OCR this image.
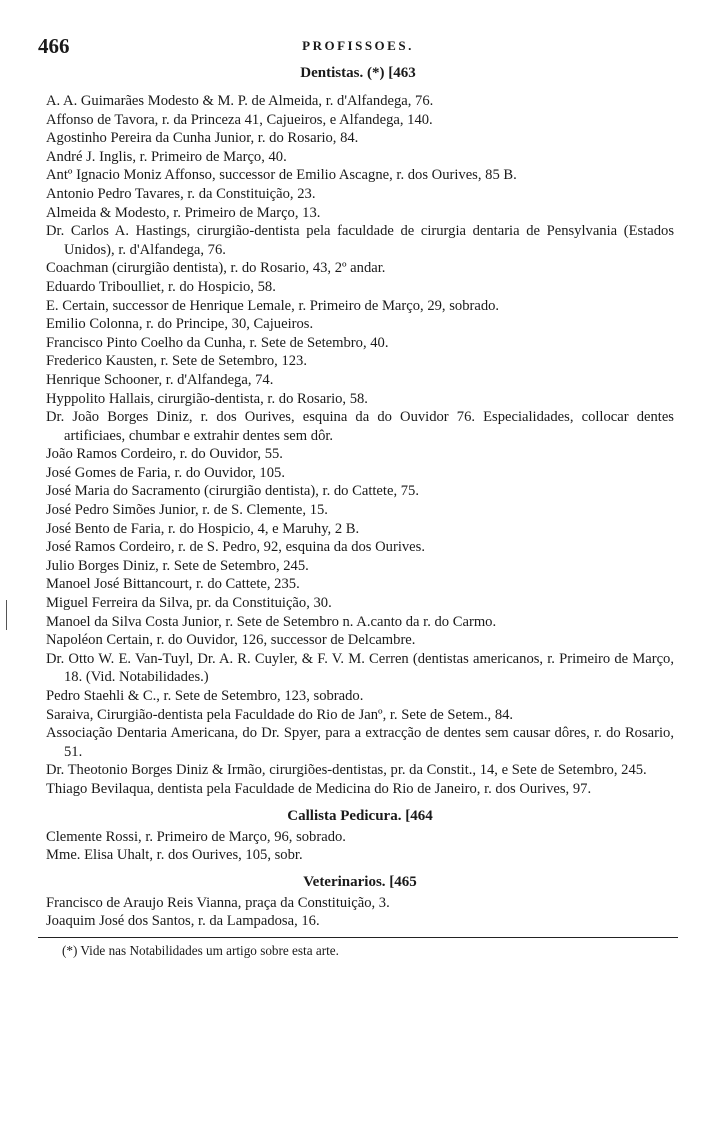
466	PROFISSOES.
Dentistas. (*) [463
A. A. Guimarães Modesto & M. P. de Almeida, r. d'Alfandega, 76.
Affonso de Tavora, r. da Princeza 41, Cajueiros, e Alfandega, 140.
Agostinho Pereira da Cunha Junior, r. do Rosario, 84.
André J. Inglis, r. Primeiro de Março, 40.
Antº Ignacio Moniz Affonso, successor de Emilio Ascagne, r. dos Ourives, 85 B.
Antonio Pedro Tavares, r. da Constituição, 23.
Almeida & Modesto, r. Primeiro de Março, 13.
Dr. Carlos A. Hastings, cirurgião-dentista pela faculdade de cirurgia dentaria de Pensylvania (Estados Unidos), r. d'Alfandega, 76.
Coachman (cirurgião dentista), r. do Rosario, 43, 2º andar.
Eduardo Triboulliet, r. do Hospicio, 58.
E. Certain, successor de Henrique Lemale, r. Primeiro de Março, 29, sobrado.
Emilio Colonna, r. do Principe, 30, Cajueiros.
Francisco Pinto Coelho da Cunha, r. Sete de Setembro, 40.
Frederico Kausten, r. Sete de Setembro, 123.
Henrique Schooner, r. d'Alfandega, 74.
Hyppolito Hallais, cirurgião-dentista, r. do Rosario, 58.
Dr. João Borges Diniz, r. dos Ourives, esquina da do Ouvidor 76. Especialidades, collocar dentes artificiaes, chumbar e extrahir dentes sem dôr.
João Ramos Cordeiro, r. do Ouvidor, 55.
José Gomes de Faria, r. do Ouvidor, 105.
José Maria do Sacramento (cirurgião dentista), r. do Cattete, 75.
José Pedro Simões Junior, r. de S. Clemente, 15.
José Bento de Faria, r. do Hospicio, 4, e Maruhy, 2 B.
José Ramos Cordeiro, r. de S. Pedro, 92, esquina da dos Ourives.
Julio Borges Diniz, r. Sete de Setembro, 245.
Manoel José Bittancourt, r. do Cattete, 235.
Miguel Ferreira da Silva, pr. da Constituição, 30.
Manoel da Silva Costa Junior, r. Sete de Setembro n. A.canto da r. do Carmo.
Napoléon Certain, r. do Ouvidor, 126, successor de Delcambre.
Dr. Otto W. E. Van-Tuyl, Dr. A. R. Cuyler, & F. V. M. Cerren (dentistas americanos, r. Primeiro de Março, 18. (Vid. Notabilidades.)
Pedro Staehli & C., r. Sete de Setembro, 123, sobrado.
Saraiva, Cirurgião-dentista pela Faculdade do Rio de Janº, r. Sete de Setem., 84.
Associação Dentaria Americana, do Dr. Spyer, para a extracção de dentes sem causar dôres, r. do Rosario, 51.
Dr. Theotonio Borges Diniz & Irmão, cirurgiões-dentistas, pr. da Constit., 14, e Sete de Setembro, 245.
Thiago Bevilaqua, dentista pela Faculdade de Medicina do Rio de Janeiro, r. dos Ourives, 97.
Callista Pedicura. [464
Clemente Rossi, r. Primeiro de Março, 96, sobrado.
Mme. Elisa Uhalt, r. dos Ourives, 105, sobr.
Veterinarios. [465
Francisco de Araujo Reis Vianna, praça da Constituição, 3.
Joaquim José dos Santos, r. da Lampadosa, 16.
(*) Vide nas Notabilidades um artigo sobre esta arte.
